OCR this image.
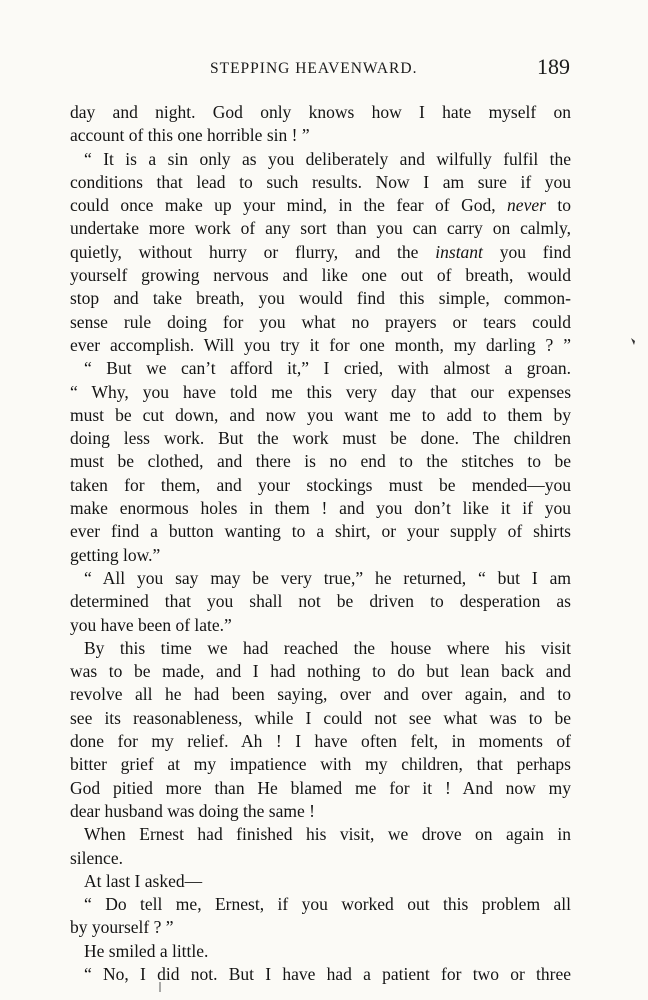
STEPPING HEAVENWARD.	189
day and night. God only knows how I hate myself on
account of this one horrible sin ! ”
“ It is a sin only as you deliberately and wilfully fulfil the
conditions that lead to such results. Now I am sure if you
could once make up your mind, in the fear of God, never to
undertake more work of any sort than you can carry on calmly,
quietly, without hurry or flurry, and the instant you find
yourself growing nervous and like one out of breath, would
stop and take breath, you would find this simple, common-
sense rule doing for you what no prayers or tears could
ever accomplish. Will you try it for one month, my darling ? ”
“ But we can’t afford it,” I cried, with almost a groan.
“ Why, you have told me this very day that our expenses
must be cut down, and now you want me to add to them by
doing less work. But the work must be done. The children
must be clothed, and there is no end to the stitches to be
taken for them, and your stockings must be mended—you
make enormous holes in them ! and you don’t like it if you
ever find a button wanting to a shirt, or your supply of shirts
getting low.”
“ All you say may be very true,” he returned, “ but I am
determined that you shall not be driven to desperation as
you have been of late.”
By this time we had reached the house where his visit
was to be made, and I had nothing to do but lean back and
revolve all he had been saying, over and over again, and to
see its reasonableness, while I could not see what was to be
done for my relief. Ah ! I have often felt, in moments of
bitter grief at my impatience with my children, that perhaps
God pitied more than He blamed me for it ! And now my
dear husband was doing the same !
When Ernest had finished his visit, we drove on again in
silence.
At last I asked—
“ Do tell me, Ernest, if you worked out this problem all
by yourself ? ”
He smiled a little.
“ No, I did not. But I have had a patient for two or three
